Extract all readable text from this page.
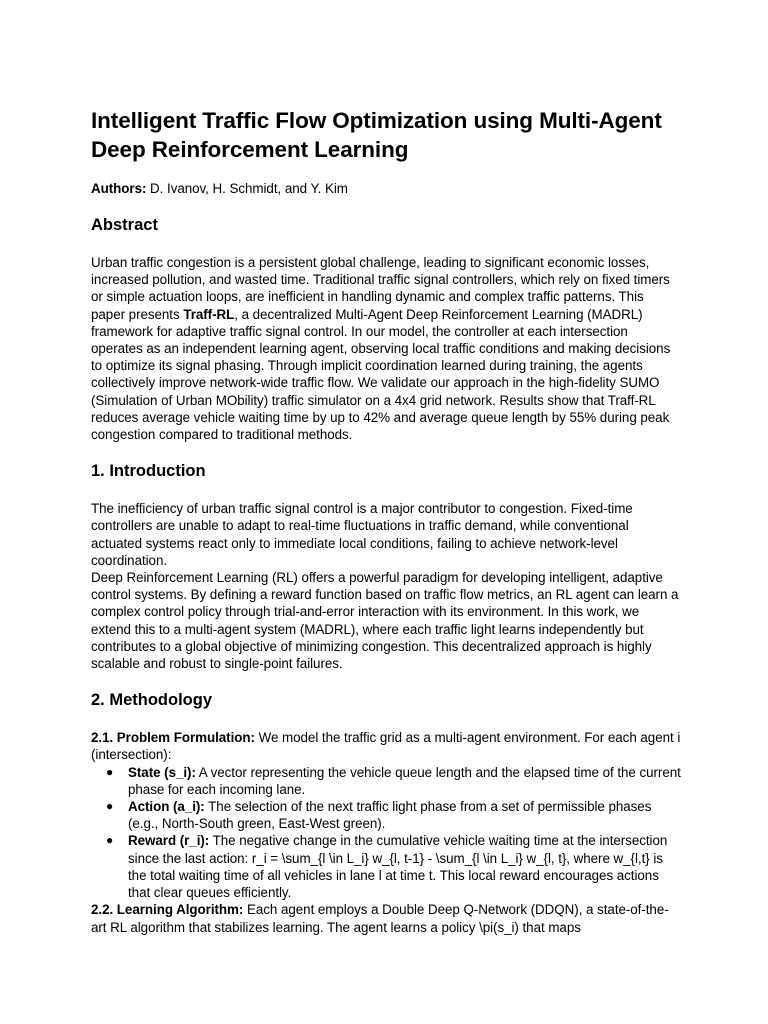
Intelligent Traffic Flow Optimization using Multi-Agent Deep Reinforcement Learning

Authors: D. Ivanov, H. Schmidt, and Y. Kim

Abstract

Urban traffic congestion is a persistent global challenge, leading to significant economic losses, increased pollution, and wasted time. Traditional traffic signal controllers, which rely on fixed timers or simple actuation loops, are inefficient in handling dynamic and complex traffic patterns. This paper presents Traff-RL, a decentralized Multi-Agent Deep Reinforcement Learning (MADRL) framework for adaptive traffic signal control. In our model, the controller at each intersection operates as an independent learning agent, observing local traffic conditions and making decisions to optimize its signal phasing. Through implicit coordination learned during training, the agents collectively improve network-wide traffic flow. We validate our approach in the high-fidelity SUMO (Simulation of Urban MObility) traffic simulator on a 4x4 grid network. Results show that Traff-RL reduces average vehicle waiting time by up to 42% and average queue length by 55% during peak congestion compared to traditional methods.

1. Introduction

The inefficiency of urban traffic signal control is a major contributor to congestion. Fixed-time controllers are unable to adapt to real-time fluctuations in traffic demand, while conventional actuated systems react only to immediate local conditions, failing to achieve network-level coordination.

Deep Reinforcement Learning (RL) offers a powerful paradigm for developing intelligent, adaptive control systems. By defining a reward function based on traffic flow metrics, an RL agent can learn a complex control policy through trial-and-error interaction with its environment. In this work, we extend this to a multi-agent system (MADRL), where each traffic light learns independently but contributes to a global objective of minimizing congestion. This decentralized approach is highly scalable and robust to single-point failures.

2. Methodology

2.1. Problem Formulation: We model the traffic grid as a multi-agent environment. For each agent i (intersection):

● State (s_i): A vector representing the vehicle queue length and the elapsed time of the current phase for each incoming lane.
● Action (a_i): The selection of the next traffic light phase from a set of permissible phases (e.g., North-South green, East-West green).
● Reward (r_i): The negative change in the cumulative vehicle waiting time at the intersection since the last action: r_i = \sum_{l \in L_i} w_{l, t-1} - \sum_{l \in L_i} w_{l, t}, where w_{l,t} is the total waiting time of all vehicles in lane l at time t. This local reward encourages actions that clear queues efficiently.

2.2. Learning Algorithm: Each agent employs a Double Deep Q-Network (DDQN), a state-of-the-art RL algorithm that stabilizes learning. The agent learns a policy \pi(s_i) that maps
